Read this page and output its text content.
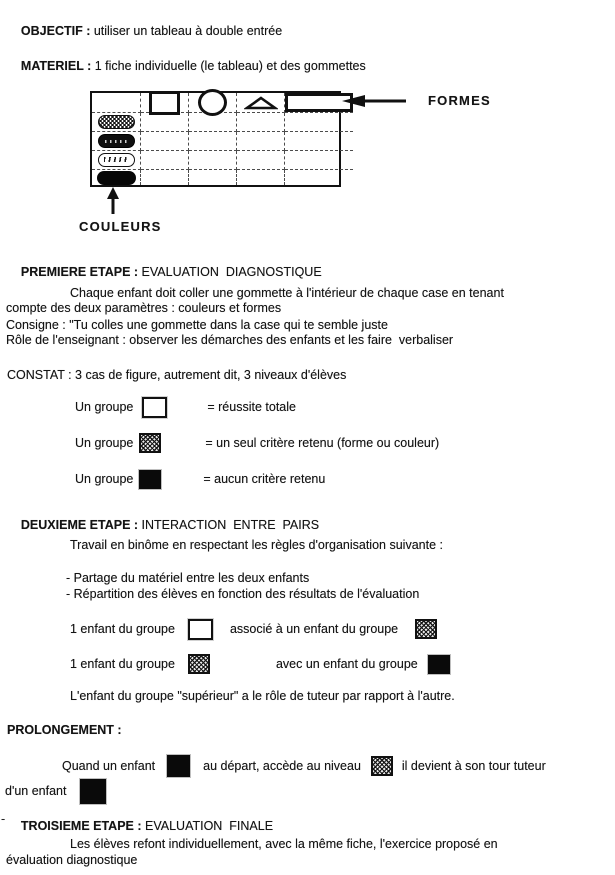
OBJECTIF : utiliser un tableau à double entrée

MATERIEL : 1 fiche individuelle (le tableau) et des gommettes

FORMES
COULEURS

PREMIERE ETAPE : EVALUATION  DIAGNOSTIQUE

Chaque enfant doit coller une gommette à l'intérieur de chaque case en tenant
compte des deux paramètres : couleurs et formes
Consigne : "Tu colles une gommette dans la case qui te semble juste
Rôle de l'enseignant : observer les démarches des enfants et les faire  verbaliser
CONSTAT : 3 cas de figure, autrement dit, 3 niveaux d'élèves
Un groupe	= réussite totale
Un groupe	= un seul critère retenu (forme ou couleur)
Un groupe	= aucun critère retenu

DEUXIEME ETAPE : INTERACTION  ENTRE  PAIRS

Travail en binôme en respectant les règles d'organisation suivante :
- Partage du matériel entre les deux enfants
- Répartition des élèves en fonction des résultats de l'évaluation
1 enfant du groupe	associé à un enfant du groupe
1 enfant du groupe	avec un enfant du groupe
L'enfant du groupe "supérieur" a le rôle de tuteur par rapport à l'autre.
PROLONGEMENT :
Quand un enfant	au départ, accède au niveau	il devient à son tour tuteur
d'un enfant
-	TROISIEME ETAPE : EVALUATION  FINALE

Les élèves refont individuellement, avec la même fiche, l'exercice proposé en
évaluation diagnostique
